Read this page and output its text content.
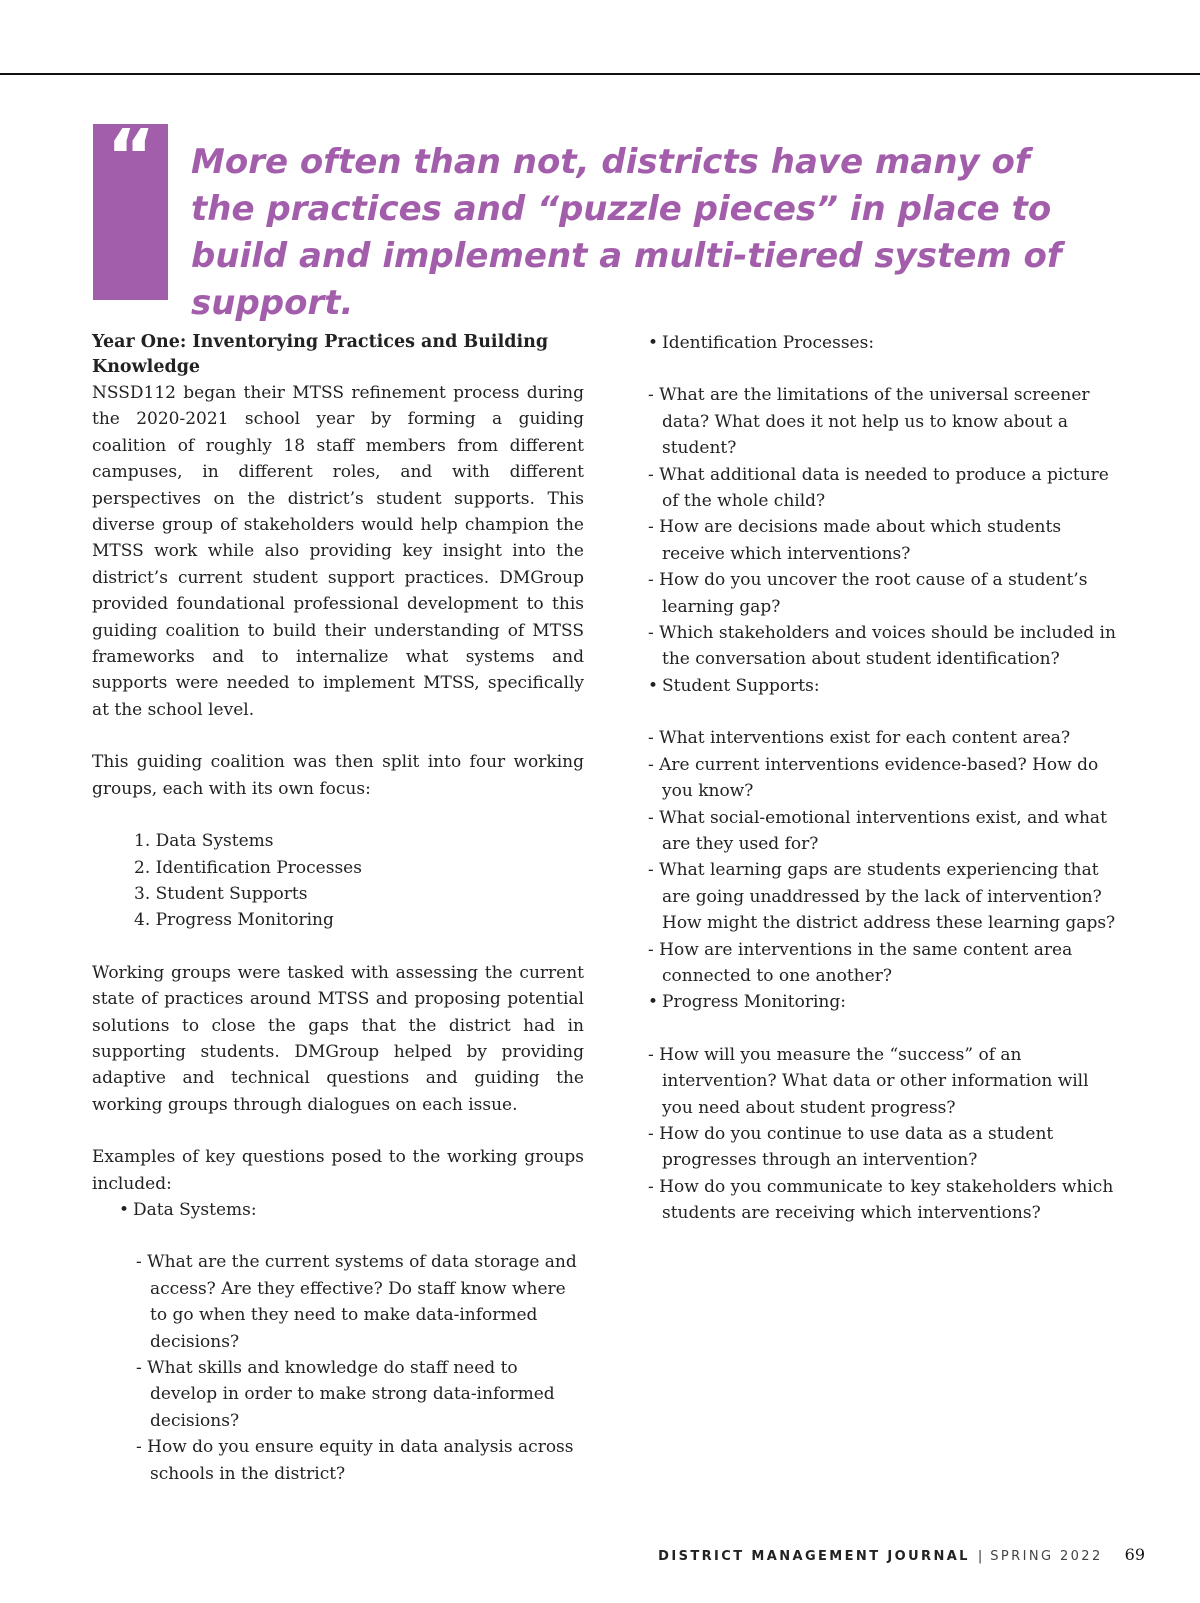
“ More often than not, districts have many of the practices and “puzzle pieces” in place to build and implement a multi-tiered system of support.

Year One: Inventorying Practices and Building Knowledge

NSSD112 began their MTSS refinement process during the 2020-2021 school year by forming a guiding coalition of roughly 18 staff members from different campuses, in different roles, and with different perspectives on the district’s student supports. This diverse group of stakeholders would help champion the MTSS work while also providing key insight into the district’s current student support practices. DMGroup provided foundational professional development to this guiding coalition to build their understanding of MTSS frameworks and to internalize what systems and supports were needed to implement MTSS, specifically at the school level.

This guiding coalition was then split into four working groups, each with its own focus:

1. Data Systems
2. Identification Processes
3. Student Supports
4. Progress Monitoring

Working groups were tasked with assessing the current state of practices around MTSS and proposing potential solutions to close the gaps that the district had in supporting students. DMGroup helped by providing adaptive and technical questions and guiding the working groups through dialogues on each issue.

Examples of key questions posed to the working groups included:

• Data Systems:

- What are the current systems of data storage and access? Are they effective? Do staff know where to go when they need to make data-informed decisions?

- What skills and knowledge do staff need to develop in order to make strong data-informed decisions?

- How do you ensure equity in data analysis across schools in the district?

• Identification Processes:

- What are the limitations of the universal screener data? What does it not help us to know about a student?

- What additional data is needed to produce a picture of the whole child?

- How are decisions made about which students receive which interventions?

- How do you uncover the root cause of a student’s learning gap?

- Which stakeholders and voices should be included in the conversation about student identification?

• Student Supports:

- What interventions exist for each content area?

- Are current interventions evidence-based? How do you know?

- What social-emotional interventions exist, and what are they used for?

- What learning gaps are students experiencing that are going unaddressed by the lack of intervention? How might the district address these learning gaps?

- How are interventions in the same content area connected to one another?

• Progress Monitoring:

- How will you measure the “success” of an intervention? What data or other information will you need about student progress?

- How do you continue to use data as a student progresses through an intervention?

- How do you communicate to key stakeholders which students are receiving which interventions?

DISTRICT MANAGEMENT JOURNAL | SPRING 2022 69
